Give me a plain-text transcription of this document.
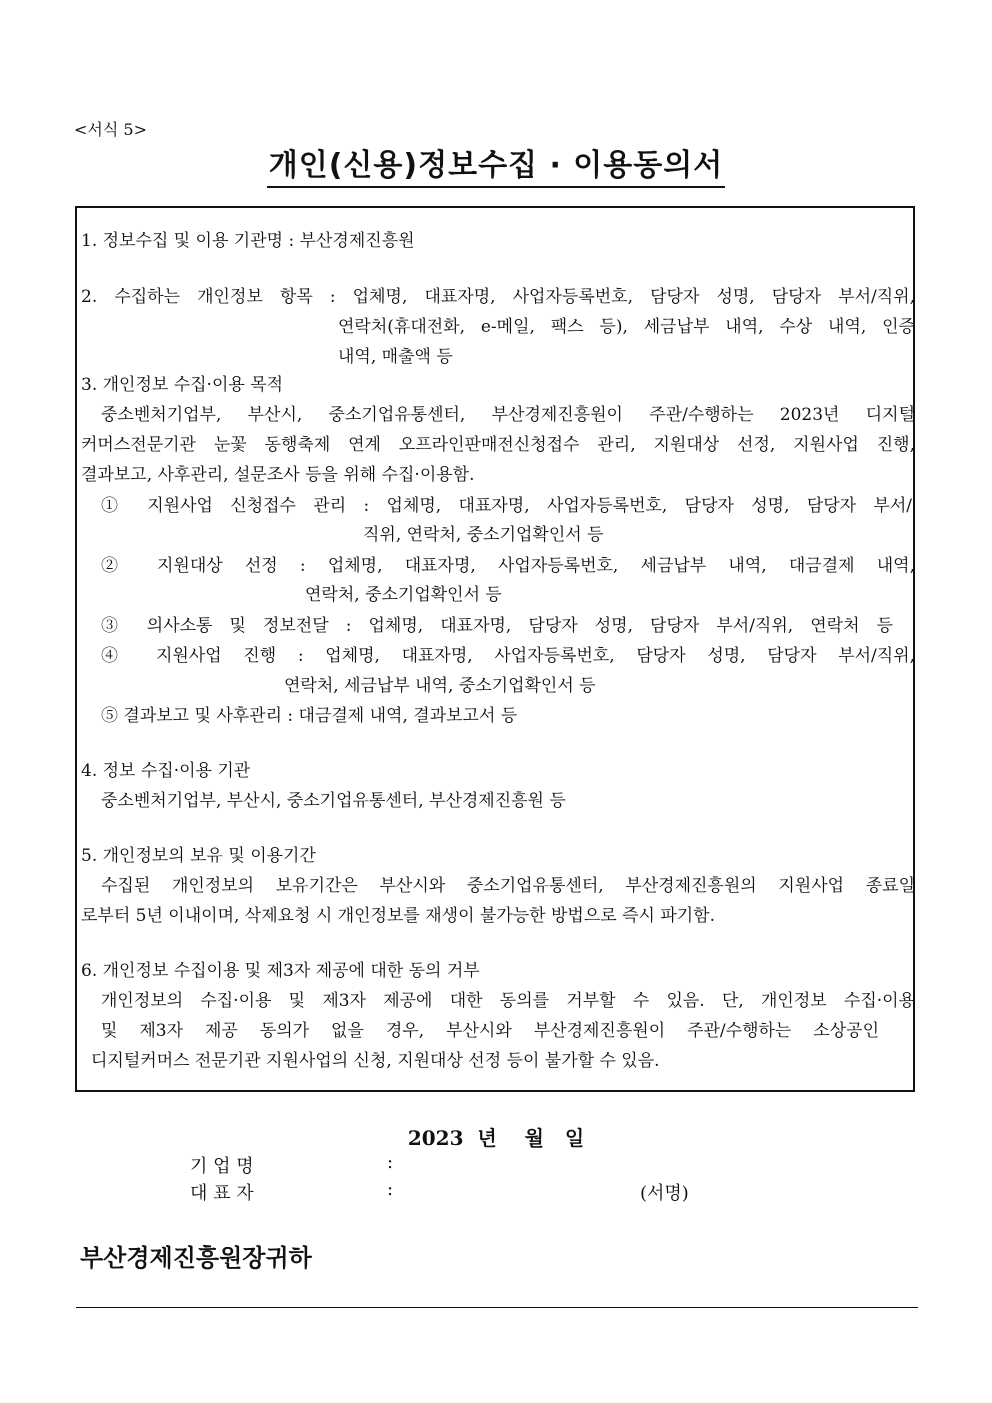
<서식 5>
개인(신용)정보수집 · 이용동의서
1. 정보수집 및 이용 기관명 : 부산경제진흥원
2. 수집하는 개인정보 항목 : 업체명, 대표자명, 사업자등록번호, 담당자 성명, 담당자 부서/직위,
연락처(휴대전화, e-메일, 팩스 등), 세금납부 내역, 수상 내역, 인증
내역, 매출액 등
3. 개인정보 수집·이용 목적
중소벤처기업부, 부산시, 중소기업유통센터, 부산경제진흥원이 주관/수행하는 2023년 디지털
커머스전문기관 눈꽃 동행축제 연계 오프라인판매전신청접수 관리, 지원대상 선정, 지원사업 진행,
결과보고, 사후관리, 설문조사 등을 위해 수집·이용함.
① 지원사업 신청접수 관리 : 업체명, 대표자명, 사업자등록번호, 담당자 성명, 담당자 부서/
직위, 연락처, 중소기업확인서 등
② 지원대상 선정 : 업체명, 대표자명, 사업자등록번호, 세금납부 내역, 대금결제 내역,
연락처, 중소기업확인서 등
③ 의사소통 및 정보전달 : 업체명, 대표자명, 담당자 성명, 담당자 부서/직위, 연락처 등
④ 지원사업 진행 : 업체명, 대표자명, 사업자등록번호, 담당자 성명, 담당자 부서/직위,
연락처, 세금납부 내역, 중소기업확인서 등
⑤ 결과보고 및 사후관리 : 대금결제 내역, 결과보고서 등
4. 정보 수집·이용 기관
중소벤처기업부, 부산시, 중소기업유통센터, 부산경제진흥원 등
5. 개인정보의 보유 및 이용기간
수집된 개인정보의 보유기간은 부산시와 중소기업유통센터, 부산경제진흥원의 지원사업 종료일
로부터 5년 이내이며, 삭제요청 시 개인정보를 재생이 불가능한 방법으로 즉시 파기함.
6. 개인정보 수집이용 및 제3자 제공에 대한 동의 거부
개인정보의 수집·이용 및 제3자 제공에 대한 동의를 거부할 수 있음. 단, 개인정보 수집·이용
및 제3자 제공 동의가 없을 경우, 부산시와 부산경제진흥원이 주관/수행하는 소상공인
디지털커머스 전문기관 지원사업의 신청, 지원대상 선정 등이 불가할 수 있음.
2023  년    월   일
기 업 명	:
대 표 자	:	(서명)
부산경제진흥원장귀하
